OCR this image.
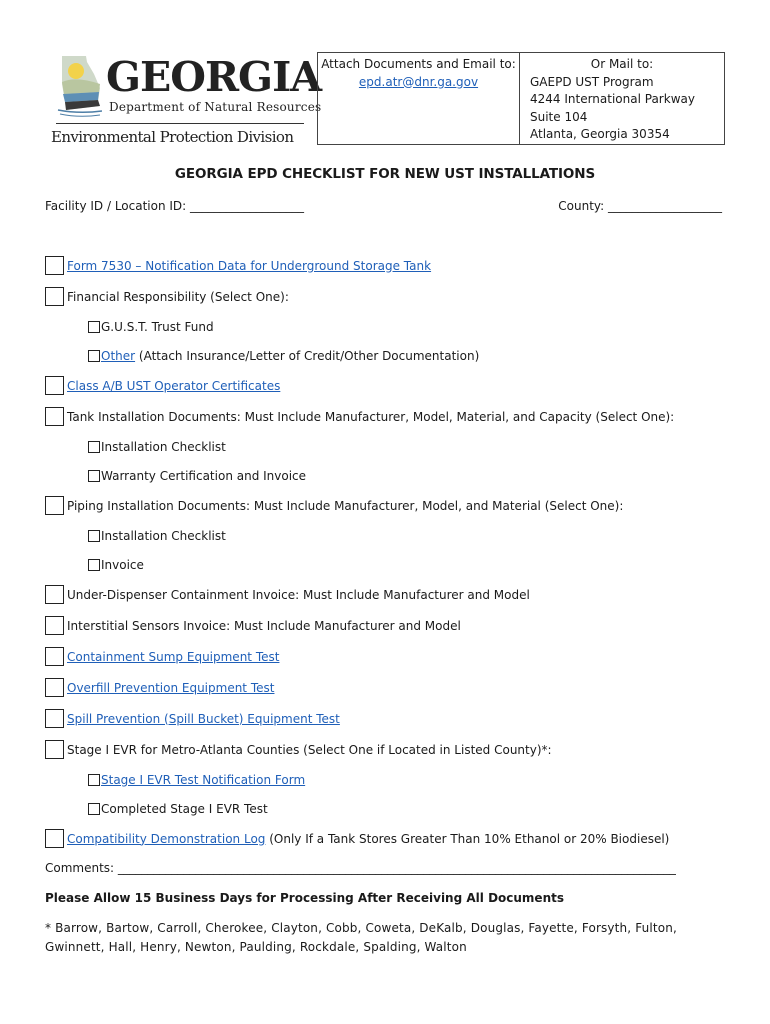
GEORGIA
Department of Natural Resources
Environmental Protection Division
Attach Documents and Email to:
epd.atr@dnr.ga.gov
Or Mail to:
GAEPD UST Program
4244 International Parkway
Suite 104
Atlanta, Georgia 30354
GEORGIA EPD CHECKLIST FOR NEW UST INSTALLATIONS
Facility ID / Location ID: ___________________	County: ___________________
Form 7530 – Notification Data for Underground Storage Tank
Financial Responsibility (Select One):
G.U.S.T. Trust Fund
Other (Attach Insurance/Letter of Credit/Other Documentation)
Class A/B UST Operator Certificates
Tank Installation Documents: Must Include Manufacturer, Model, Material, and Capacity (Select One):
Installation Checklist
Warranty Certification and Invoice
Piping Installation Documents: Must Include Manufacturer, Model, and Material (Select One):
Installation Checklist
Invoice
Under-Dispenser Containment Invoice: Must Include Manufacturer and Model
Interstitial Sensors Invoice: Must Include Manufacturer and Model
Containment Sump Equipment Test
Overfill Prevention Equipment Test
Spill Prevention (Spill Bucket) Equipment Test
Stage I EVR for Metro-Atlanta Counties (Select One if Located in Listed County)*:
Stage I EVR Test Notification Form
Completed Stage I EVR Test
Compatibility Demonstration Log (Only If a Tank Stores Greater Than 10% Ethanol or 20% Biodiesel)
Comments: _____________________________________________________________________________________________
Please Allow 15 Business Days for Processing After Receiving All Documents
* Barrow, Bartow, Carroll, Cherokee, Clayton, Cobb, Coweta, DeKalb, Douglas, Fayette, Forsyth, Fulton, Gwinnett, Hall, Henry, Newton, Paulding, Rockdale, Spalding, Walton
